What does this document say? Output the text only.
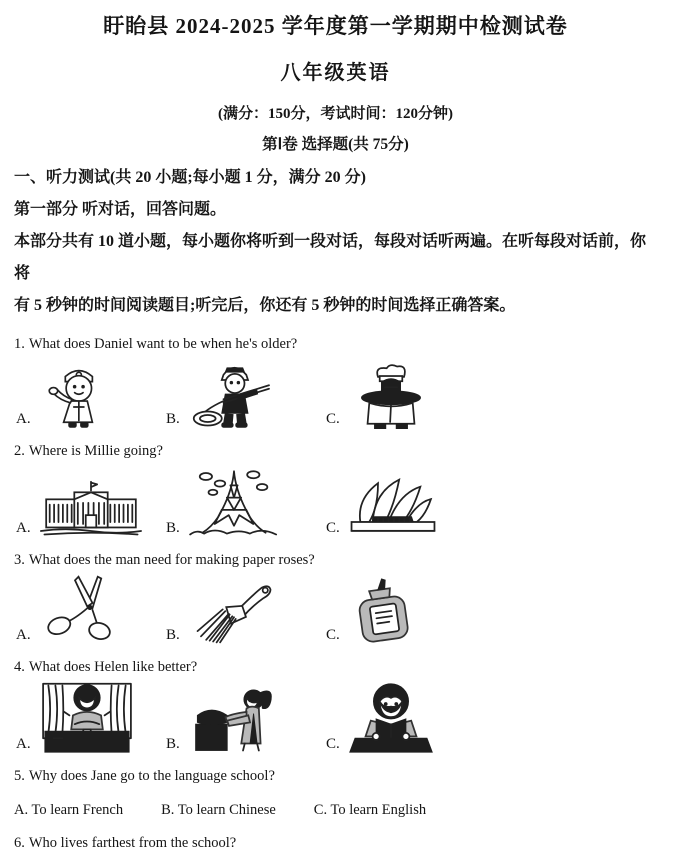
盱眙县 2024-2025 学年度第一学期期中检测试卷
八年级英语
(满分：150分，考试时间：120分钟)
第Ⅰ卷 选择题(共 75分)
一、听力测试(共 20 小题;每小题 1 分，满分 20 分)
第一部分 听对话，回答问题。
本部分共有 10 道小题，每小题你将听到一段对话，每段对话听两遍。在听每段对话前，你将
有 5 秒钟的时间阅读题目;听完后，你还有 5 秒钟的时间选择正确答案。
1. What does Daniel want to be when he's older?
A.	B.	C.
2. Where is Millie going?
A.	B.	C.
3. What does the man need for making paper roses?
A.	B.	C.
4. What does Helen like better?
A.	B.	C.
5. Why does Jane go to the language school?
A. To learn French	B. To learn Chinese	C. To learn English
6. Who lives farthest from the school?
